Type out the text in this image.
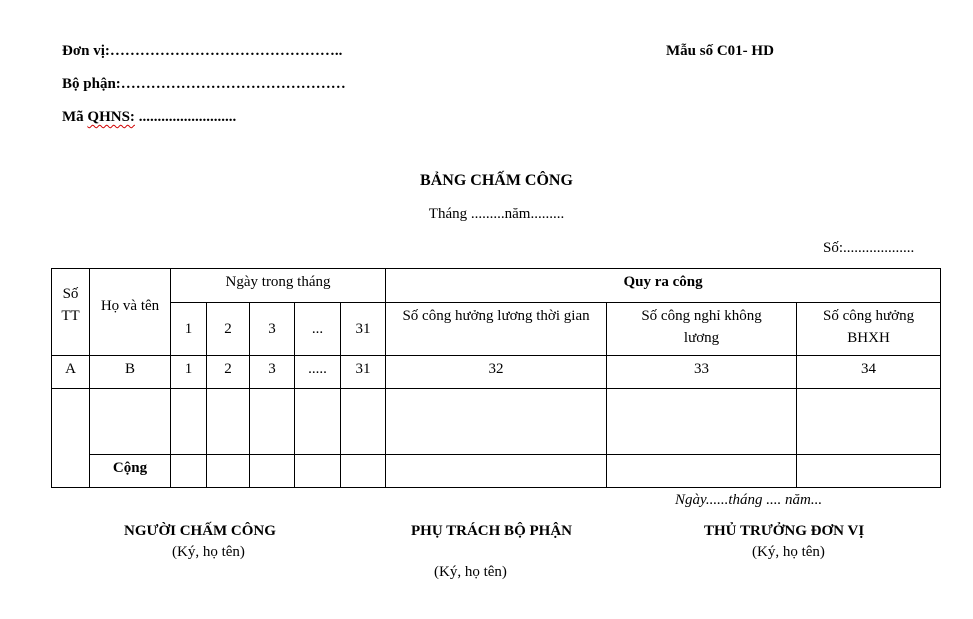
Đơn vị:………………………………………..
Bộ phận:………………………………………
Mã QHNS: ..........................
Mẫu số C01- HD
BẢNG CHẤM CÔNG
Tháng .........năm.........
Số:...................
Số TT	Họ và tên	Ngày trong tháng					Quy ra công		
		1	2	3	...	31	Số công hưởng lương thời gian	Số công nghỉ không lương	Số công hưởng BHXH
A	B	1	2	3	.....	31	32	33	34

	Cộng								
Ngày......tháng .... năm...
NGƯỜI CHẤM CÔNG
(Ký, họ tên)
PHỤ TRÁCH BỘ PHẬN
(Ký, họ tên)
THỦ TRƯỞNG ĐƠN VỊ
(Ký, họ tên)
